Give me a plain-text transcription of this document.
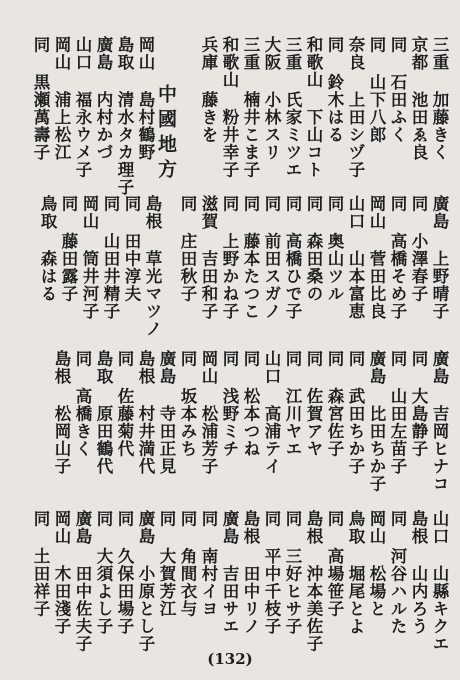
三重 加藤きく
京都 池田ゑ良
同 石田ふく
同 山下八郎
奈良 上田シヅ子
同 鈴木はる
和歌山 下山コト
三重 氏家ミツエ
大阪 小林スリ
三重 楠井こま子
和歌山 粉井幸子
兵庫 藤きを
岡山 島村鶴野
島取 清水タカ理子
廣島 内村かづ
山口 福永ウメ子
岡山 浦上松江
同 黒瀬萬壽子	中國地方
廣島 上野晴子
同 小澤春子
同 高橋そめ子
岡山 菅田比良
山口 山本富恵
同 奥山ツル
同 森田桑の
同 高橋ひで子
同 前田スガノ
同 藤本たつこ
同 上野かね子
滋賀 吉田和子
同 庄田秋子
島根 草光マツノ
同 田中淳夫
同 山田井精子
岡山 筒井河子
同 藤田露子
鳥取 森はる
廣島 吉岡ヒナコ
同 大島静子
同 山田左苗子
廣島 比田ちか子
同 武田ちか子
同 森宮佐子
同 佐賀アヤ
同 江川ヤエ
山口 高浦テイ
同 松本つね
同 浅野ミチ
岡山 松浦芳子
同 坂本みち
廣島 寺田正見
島根 村井満代
同 佐藤菊代
島取 原田鶴代
同 高橋きく
島根 松岡山子
山口 山縣キクエ
島根 山内ろう
同 河谷ハルた
岡山 松場と
鳥取 堀尾とよ
同 高場笹子
島根 沖本美佐子
同 三好ヒサ子
同 平中千枝子
島根 田中リノ
廣島 吉田サエ
同 南村イヨ
同 角間衣与
同 大賀芳江
廣島 小原とし子
同 久保田場子
同 大須よし子
廣島 田中佐夫子
岡山 木田淺子
同 土田祥子
(132)
